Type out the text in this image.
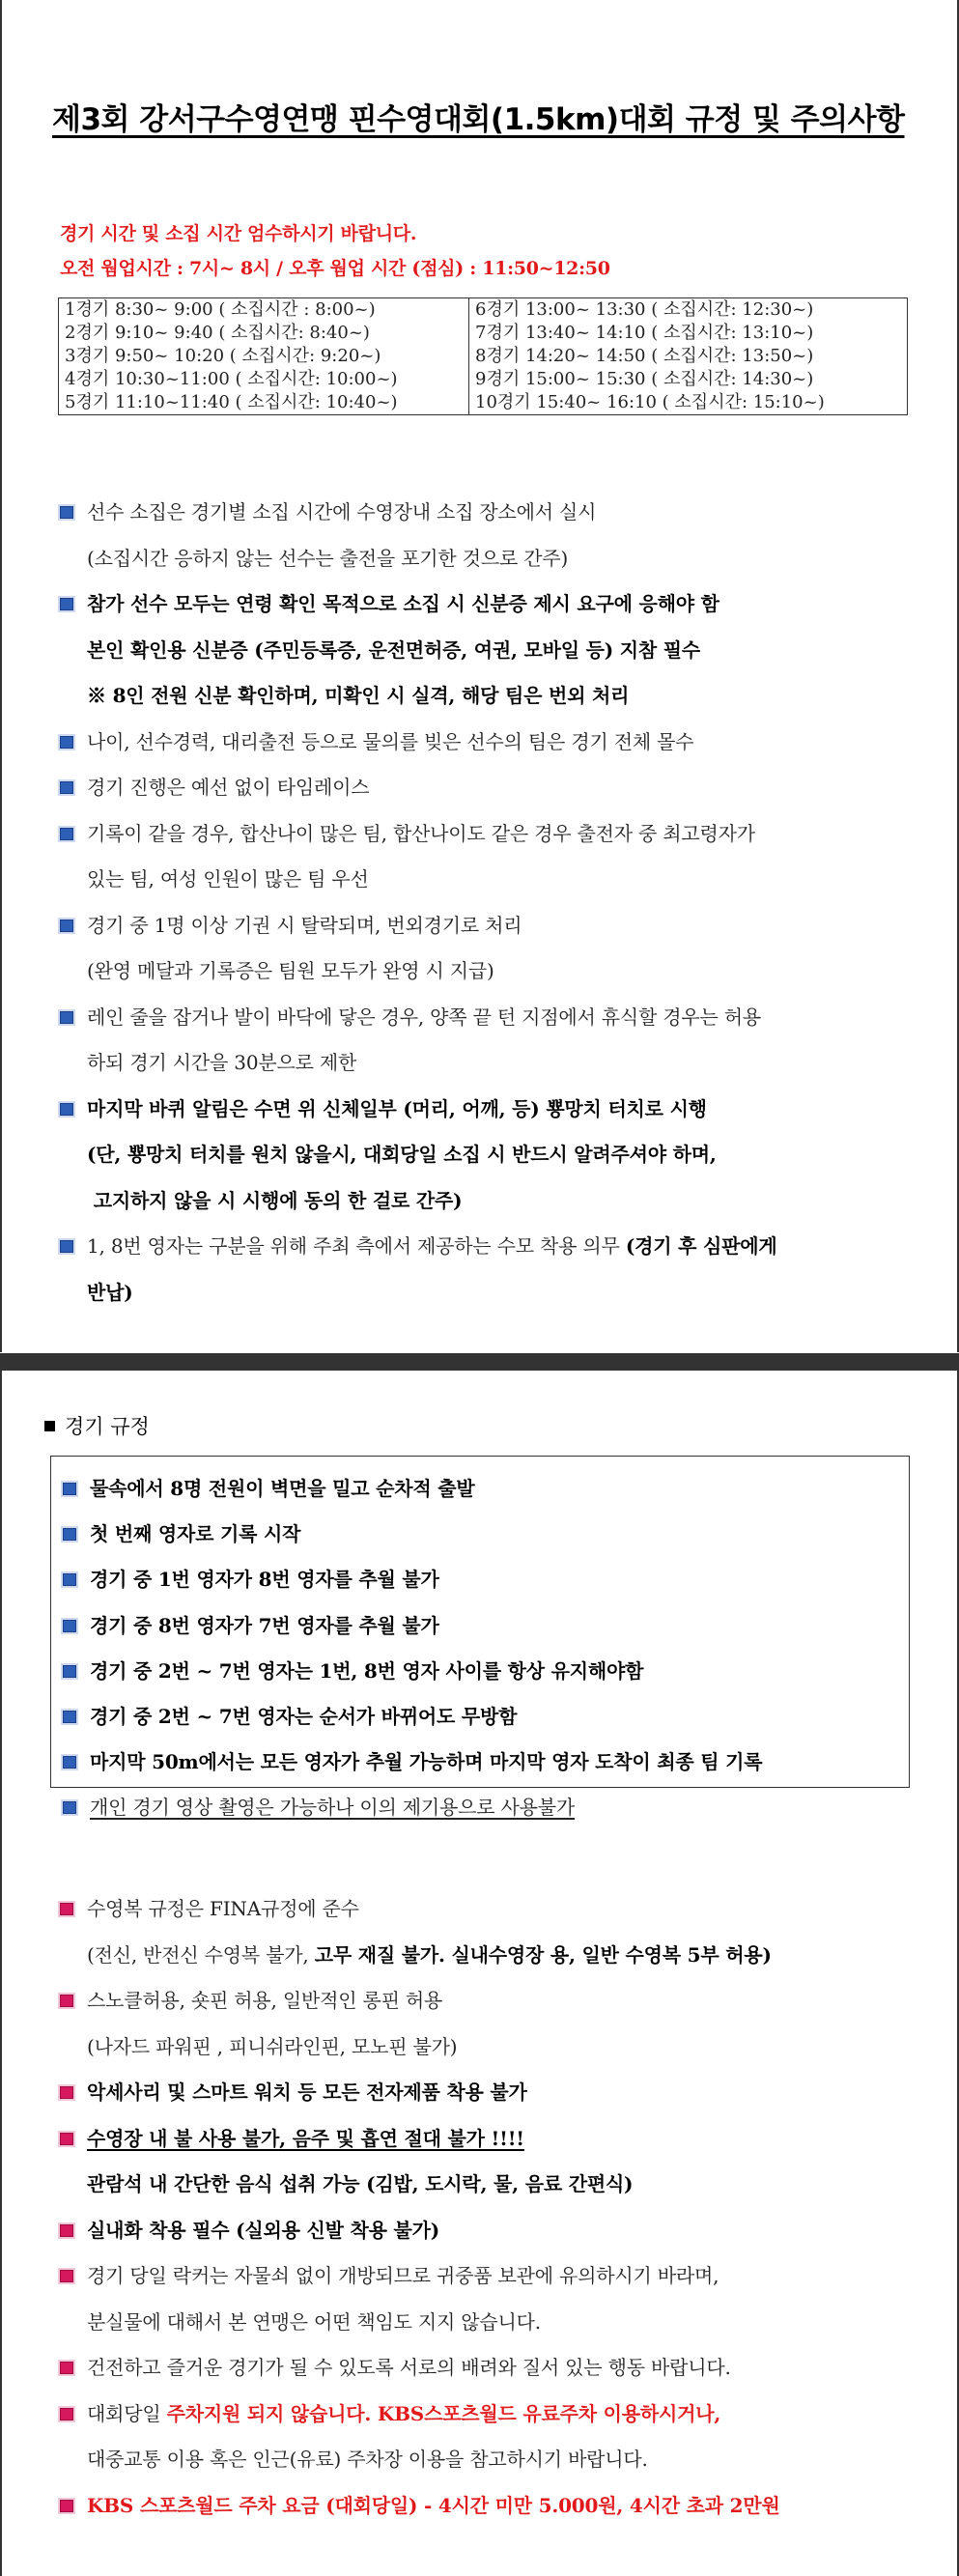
제3회 강서구수영연맹 핀수영대회(1.5km)대회 규정 및 주의사항
경기 시간 및 소집 시간 엄수하시기 바랍니다.
오전 웜업시간 : 7시~ 8시 / 오후 웜업 시간 (점심) : 11:50~12:50
1경기 8:30~ 9:00 ( 소집시간 : 8:00~)	6경기 13:00~ 13:30 ( 소집시간: 12:30~)
2경기 9:10~ 9:40 ( 소집시간: 8:40~)	7경기 13:40~ 14:10 ( 소집시간: 13:10~)
3경기 9:50~ 10:20 ( 소집시간: 9:20~)	8경기 14:20~ 14:50 ( 소집시간: 13:50~)
4경기 10:30~11:00 ( 소집시간: 10:00~)	9경기 15:00~ 15:30 ( 소집시간: 14:30~)
5경기 11:10~11:40 ( 소집시간: 10:40~)	10경기 15:40~ 16:10 ( 소집시간: 15:10~)
선수 소집은 경기별 소집 시간에 수영장내 소집 장소에서 실시
(소집시간 응하지 않는 선수는 출전을 포기한 것으로 간주)
참가 선수 모두는 연령 확인 목적으로 소집 시 신분증 제시 요구에 응해야 함
본인 확인용 신분증 (주민등록증, 운전면허증, 여권, 모바일 등) 지참 필수
※ 8인 전원 신분 확인하며, 미확인 시 실격, 해당 팀은 번외 처리
나이, 선수경력, 대리출전 등으로 물의를 빚은 선수의 팀은 경기 전체 몰수
경기 진행은 예선 없이 타임레이스
기록이 같을 경우, 합산나이 많은 팀, 합산나이도 같은 경우 출전자 중 최고령자가
있는 팀, 여성 인원이 많은 팀 우선
경기 중 1명 이상 기권 시 탈락되며, 번외경기로 처리
(완영 메달과 기록증은 팀원 모두가 완영 시 지급)
레인 줄을 잡거나 발이 바닥에 닿은 경우, 양쪽 끝 턴 지점에서 휴식할 경우는 허용
하되 경기 시간을 30분으로 제한
마지막 바퀴 알림은 수면 위 신체일부 (머리, 어깨, 등) 뿅망치 터치로 시행
(단, 뿅망치 터치를 원치 않을시, 대회당일 소집 시 반드시 알려주셔야 하며,
고지하지 않을 시 시행에 동의 한 걸로 간주)
1, 8번 영자는 구분을 위해 주최 측에서 제공하는 수모 착용 의무 (경기 후 심판에게
반납)
경기 규정
물속에서 8명 전원이 벽면을 밀고 순차적 출발
첫 번째 영자로 기록 시작
경기 중 1번 영자가 8번 영자를 추월 불가
경기 중 8번 영자가 7번 영자를 추월 불가
경기 중 2번 ~ 7번 영자는 1번, 8번 영자 사이를 항상 유지해야함
경기 중 2번 ~ 7번 영자는 순서가 바뀌어도 무방함
마지막 50m에서는 모든 영자가 추월 가능하며 마지막 영자 도착이 최종 팀 기록
개인 경기 영상 촬영은 가능하나 이의 제기용으로 사용불가
수영복 규정은 FINA규정에 준수
(전신, 반전신 수영복 불가, 고무 재질 불가. 실내수영장 용, 일반 수영복 5부 허용)
스노클허용, 숏핀 허용, 일반적인 롱핀 허용
(나자드 파워핀 , 피니쉬라인핀, 모노핀 불가)
악세사리 및 스마트 워치 등 모든 전자제품 착용 불가
수영장 내 불 사용 불가, 음주 및 흡연 절대 불가 !!!!
관람석 내 간단한 음식 섭취 가능 (김밥, 도시락, 물, 음료 간편식)
실내화 착용 필수 (실외용 신발 착용 불가)
경기 당일 락커는 자물쇠 없이 개방되므로 귀중품 보관에 유의하시기 바라며,
분실물에 대해서 본 연맹은 어떤 책임도 지지 않습니다.
건전하고 즐거운 경기가 될 수 있도록 서로의 배려와 질서 있는 행동 바랍니다.
대회당일 주차지원 되지 않습니다. KBS스포츠월드 유료주차 이용하시거나,
대중교통 이용 혹은 인근(유료) 주차장 이용을 참고하시기 바랍니다.
KBS 스포츠월드 주차 요금 (대회당일) - 4시간 미만 5.000원, 4시간 초과 2만원
